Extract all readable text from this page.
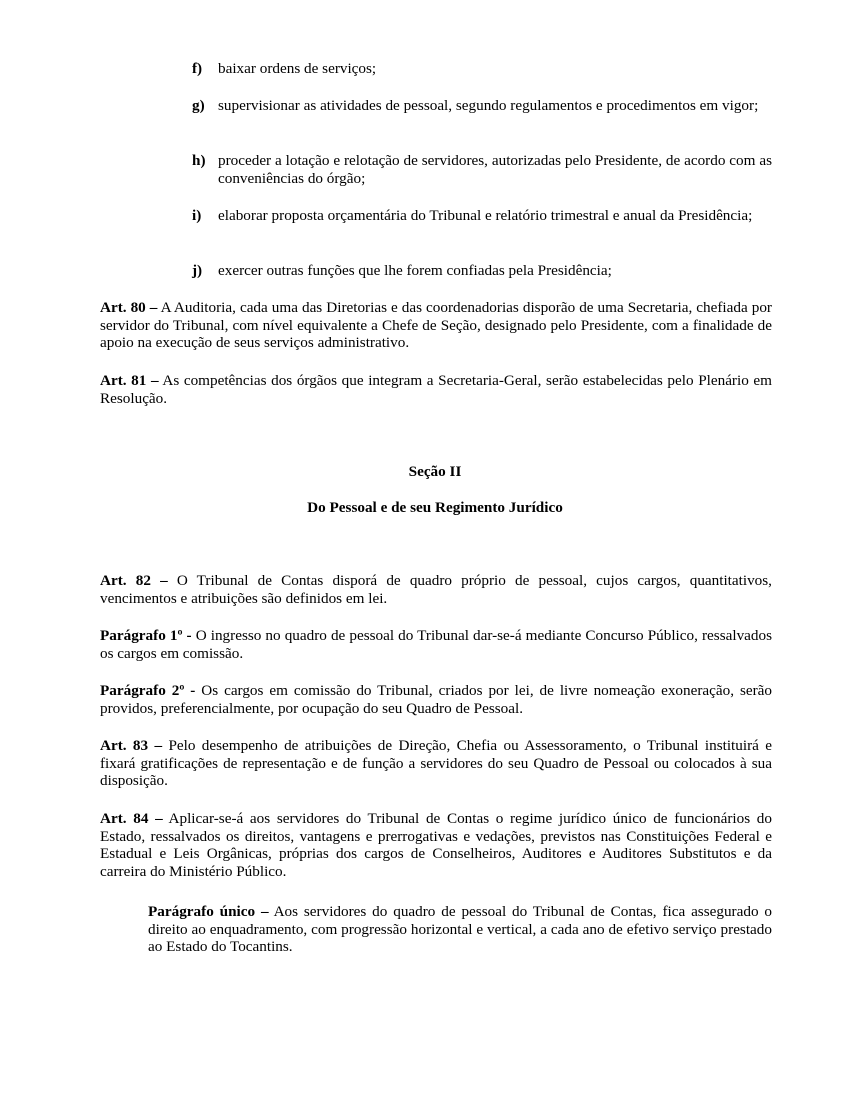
f)	baixar ordens de serviços;
g) supervisionar as atividades de pessoal, segundo regulamentos e procedimentos em vigor;
h) proceder a lotação e relotação de servidores, autorizadas pelo Presidente, de acordo com as conveniências do órgão;
i)	elaborar proposta orçamentária do Tribunal e relatório trimestral e anual da Presidência;
j)	exercer outras funções que lhe forem confiadas pela Presidência;
Art. 80 – A Auditoria, cada uma das Diretorias e das coordenadorias disporão de uma Secretaria, chefiada por servidor do Tribunal, com nível equivalente a Chefe de Seção, designado pelo Presidente, com a finalidade de apoio na execução de seus serviços administrativo.
Art. 81 – As competências dos órgãos que integram a Secretaria-Geral, serão estabelecidas pelo Plenário em Resolução.
Seção II
Do Pessoal e de seu Regimento Jurídico
Art. 82 – O Tribunal de Contas disporá de quadro próprio de pessoal, cujos cargos, quantitativos, vencimentos e atribuições são definidos em lei.
Parágrafo 1º - O ingresso no quadro de pessoal do Tribunal dar-se-á mediante Concurso Público, ressalvados os cargos em comissão.
Parágrafo 2º - Os cargos em comissão do Tribunal, criados por lei, de livre nomeação exoneração, serão providos, preferencialmente, por ocupação do seu Quadro de Pessoal.
Art. 83 – Pelo desempenho de atribuições de Direção, Chefia ou Assessoramento, o Tribunal instituirá e fixará gratificações de representação e de função a servidores do seu Quadro de Pessoal ou colocados à sua disposição.
Art. 84 – Aplicar-se-á aos servidores do Tribunal de Contas o regime jurídico único de funcionários do Estado, ressalvados os direitos, vantagens e prerrogativas e vedações, previstos nas Constituições Federal e Estadual e Leis Orgânicas, próprias dos cargos de Conselheiros, Auditores e Auditores Substitutos e da carreira do Ministério Público.
Parágrafo único – Aos servidores do quadro de pessoal do Tribunal de Contas, fica assegurado o direito ao enquadramento, com progressão horizontal e vertical, a cada ano de efetivo serviço prestado ao Estado do Tocantins.
